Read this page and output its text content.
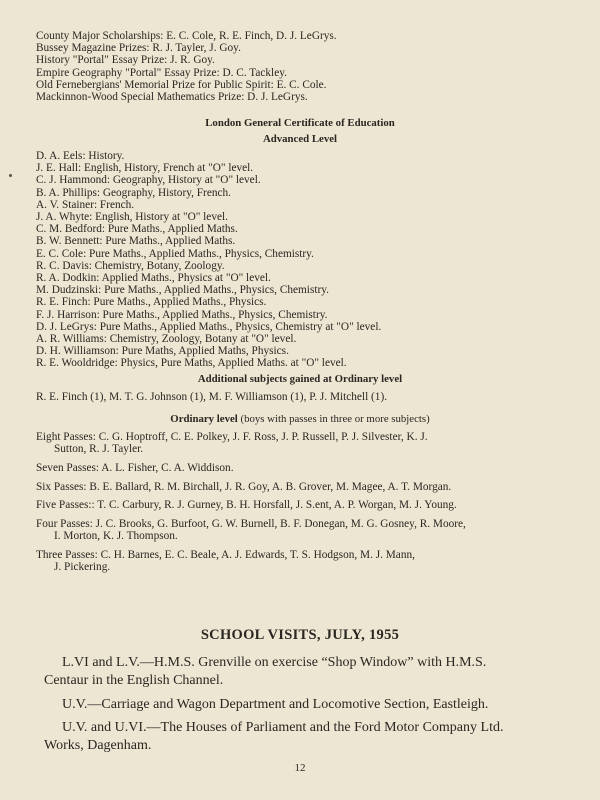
County Major Scholarships: E. C. Cole, R. E. Finch, D. J. LeGrys.
Bussey Magazine Prizes: R. J. Tayler, J. Goy.
History "Portal" Essay Prize: J. R. Goy.
Empire Geography "Portal" Essay Prize: D. C. Tackley.
Old Fernebergians' Memorial Prize for Public Spirit: E. C. Cole.
Mackinnon-Wood Special Mathematics Prize: D. J. LeGrys.
London General Certificate of Education
Advanced Level
D. A. Eels: History.
J. E. Hall: English, History, French at "O" level.
C. J. Hammond: Geography, History at "O" level.
B. A. Phillips: Geography, History, French.
A. V. Stainer: French.
J. A. Whyte: English, History at "O" level.
C. M. Bedford: Pure Maths., Applied Maths.
B. W. Bennett: Pure Maths., Applied Maths.
E. C. Cole: Pure Maths., Applied Maths., Physics, Chemistry.
R. C. Davis: Chemistry, Botany, Zoology.
R. A. Dodkin: Applied Maths., Physics at "O" level.
M. Dudzinski: Pure Maths., Applied Maths., Physics, Chemistry.
R. E. Finch: Pure Maths., Applied Maths., Physics.
F. J. Harrison: Pure Maths., Applied Maths., Physics, Chemistry.
D. J. LeGrys: Pure Maths., Applied Maths., Physics, Chemistry at "O" level.
A. R. Williams: Chemistry, Zoology, Botany at "O" level.
D. H. Williamson: Pure Maths, Applied Maths, Physics.
R. E. Wooldridge: Physics, Pure Maths, Applied Maths. at "O" level.
Additional subjects gained at Ordinary level
R. E. Finch (1), M. T. G. Johnson (1), M. F. Williamson (1), P. J. Mitchell (1).
Ordinary level (boys with passes in three or more subjects)
Eight Passes: C. G. Hoptroff, C. E. Polkey, J. F. Ross, J. P. Russell, P. J. Silvester, K. J.
Sutton, R. J. Tayler.
Seven Passes: A. L. Fisher, C. A. Widdison.
Six Passes: B. E. Ballard, R. M. Birchall, J. R. Goy, A. B. Grover, M. Magee, A. T. Morgan.
Five Passes:: T. C. Carbury, R. J. Gurney, B. H. Horsfall, J. S.ent, A. P. Worgan, M. J. Young.
Four Passes: J. C. Brooks, G. Burfoot, G. W. Burnell, B. F. Donegan, M. G. Gosney, R. Moore,
I. Morton, K. J. Thompson.
Three Passes: C. H. Barnes, E. C. Beale, A. J. Edwards, T. S. Hodgson, M. J. Mann,
J. Pickering.
SCHOOL VISITS, JULY, 1955
L.VI and L.V.—H.M.S. Grenville on exercise “Shop Window” with H.M.S.
Centaur in the English Channel.
U.V.—Carriage and Wagon Department and Locomotive Section, Eastleigh.
U.V. and U.VI.—The Houses of Parliament and the Ford Motor Company Ltd.
Works, Dagenham.
12
